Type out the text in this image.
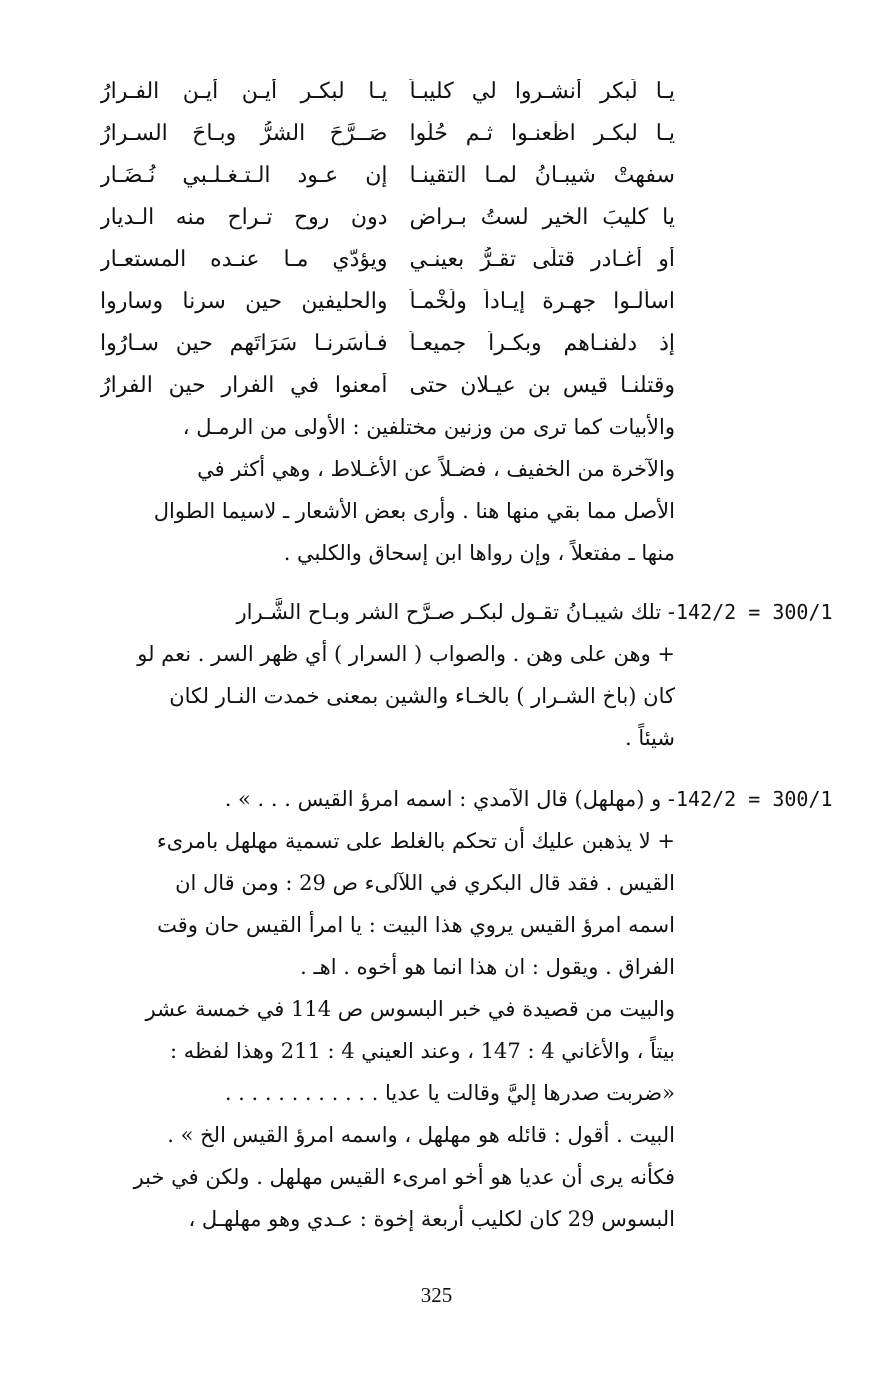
يـا لَبكرٍ أنشـروا لي كليبـاً
يـا لبكـرٍ أيـن أيـن الفـرارُ
يـا لبكـر اظْعنـوا ثـم حُلُّوا
صَــرَّحَ الشرُّ وبـاحَ السـرارُ
سفهتْ شيبـانُ لمـا التقينـا
إن عـود الـتـغـلـبي نُـضَـار
يا كليبَ الخير لستُ بـراضٍ
دون روح تـراح منه الـديار
أو أغـادر قتلَى تقـرُّ بعينـي
ويؤدّي مـا عنـده المستعـار
اسألـوا جهـرة إيـاداً ولَخْمـاً
والحليفين حين سرنا وساروا
إذ دلفنـاهم وبكـراً جميعـاً
فـأسَرنـا سَرَاتَهم حين سـارُوا
وقتلنـا قيس بن عيـلان حتى
أمعنوا في الفرار حين الفرارُ
والأبيات كما ترى من وزنين مختلفين : الأولى من الرمـل ،
والآخرة من الخفيف ، فضـلاً عن الأغـلاط ، وهي أكثر في
الأصل مما بقي منها هنا . وأرى بعض الأشعار ـ لاسيما الطوال
منها ـ مفتعلاً ، وإن رواها ابن إسحاق والكلبي .
142/2 = 300/1
- تلك شيبـانُ تقـول لبكـر صـرَّح الشر وبـاح الشَّـرار
+ وهن على وهن . والصواب ( السرار ) أي ظهر السر . نعم لو
كان (باخ الشـرار ) بالخـاء والشين بمعنى خمدت النـار لكان
شيئاً .
142/2 = 300/1
- و (مهلهل) قال الآمدي : اسمه امرؤ القيس . . . » .
+ لا يذهبن عليك أن تحكم بالغلط على تسمية مهلهل بامرىء
القيس . فقد قال البكري في اللآلىء ص 29 : ومن قال ان
اسمه امرؤ القيس يروي هذا البيت : يا امرأ القيس حان وقت
الفراق . ويقول : ان هذا انما هو أخوه . اهـ .
والبيت من قصيدة في خبر البسوس ص 114 في خمسة عشر
بيتاً ، والأغاني 4 : 147 ، وعند العيني 4 : 211 وهذا لفظه :
«ضربت صدرها إليَّ وقالت يا عديا . . . . . . . . . . . .
البيت . أقول : قائله هو مهلهل ، واسمه امرؤ القيس الخ » .
فكأنه يرى أن عديا هو أخو امرىء القيس مهلهل . ولكن في خبر
البسوس 29 كان لكليب أربعة إخوة : عـدي وهو مهلهـل ،
325
